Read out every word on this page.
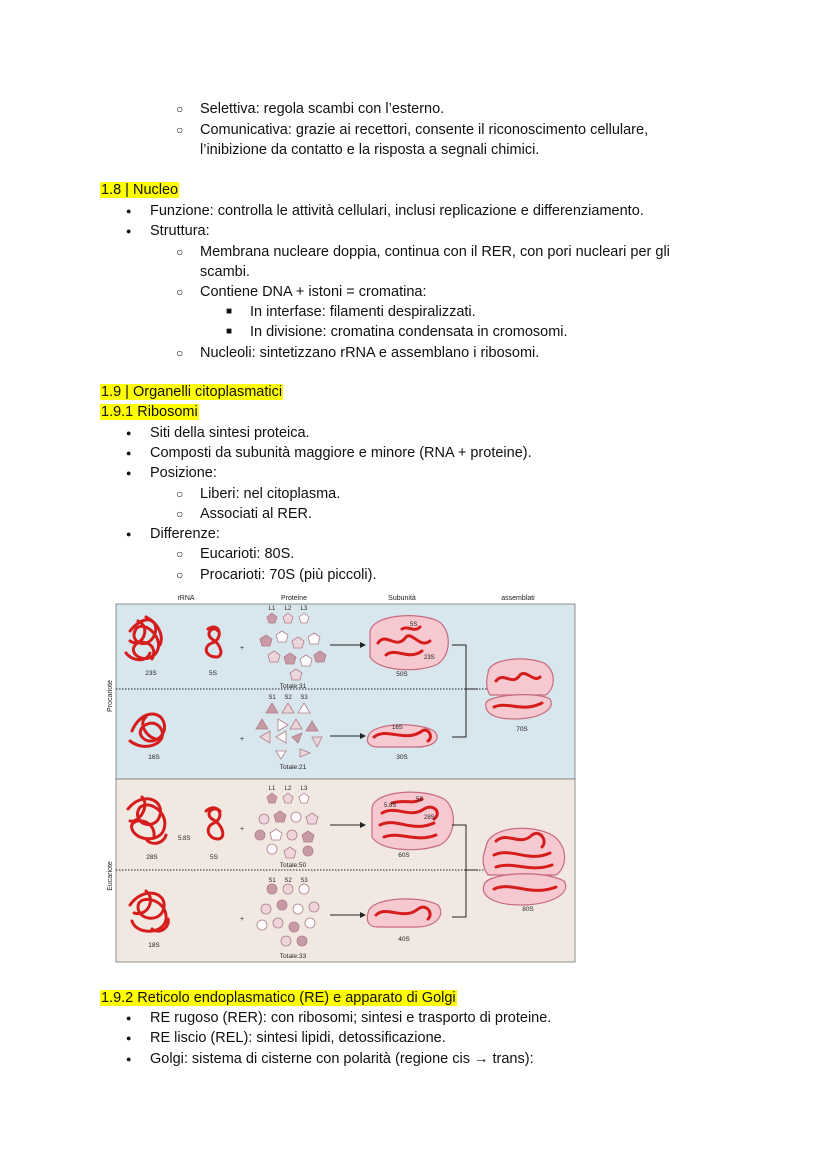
○ Selettiva: regola scambi con l’esterno.
○ Comunicativa: grazie ai recettori, consente il riconoscimento cellulare,
l’inibizione da contatto e la risposta a segnali chimici.
1.8 | Nucleo
● Funzione: controlla le attività cellulari, inclusi replicazione e differenziamento.
● Struttura:
○ Membrana nucleare doppia, continua con il RER, con pori nucleari per gli
scambi.
○ Contiene DNA + istoni = cromatina:
■ In interfase: filamenti despiralizzati.
■ In divisione: cromatina condensata in cromosomi.
○ Nucleoli: sintetizzano rRNA e assemblano i ribosomi.
1.9 | Organelli citoplasmatici
1.9.1 Ribosomi
● Siti della sintesi proteica.
● Composti da subunità maggiore e minore (RNA + proteine).
● Posizione:
○ Liberi: nel citoplasma.
○ Associati al RER.
● Differenze:
○ Eucarioti: 80S.
○ Procarioti: 70S (più piccoli).
rRNA	Proteine	Subunità	assemblati
Procariote
Eucariote
23S	5S
+
L1 L2 L3
Totale:31
5S
23S
50S
70S
16S
+
S1 S2 S3
Totale:21
16S
30S
28S
5.8S
5S
+
L1 L2 L3
Totale:50
5.8S
5S
28S
60S
80S
18S
+
S1 S2 S3
Totale:33
40S
1.9.2 Reticolo endoplasmatico (RE) e apparato di Golgi
● RE rugoso (RER): con ribosomi; sintesi e trasporto di proteine.
● RE liscio (REL): sintesi lipidi, detossificazione.
● Golgi: sistema di cisterne con polarità (regione cis → trans):
